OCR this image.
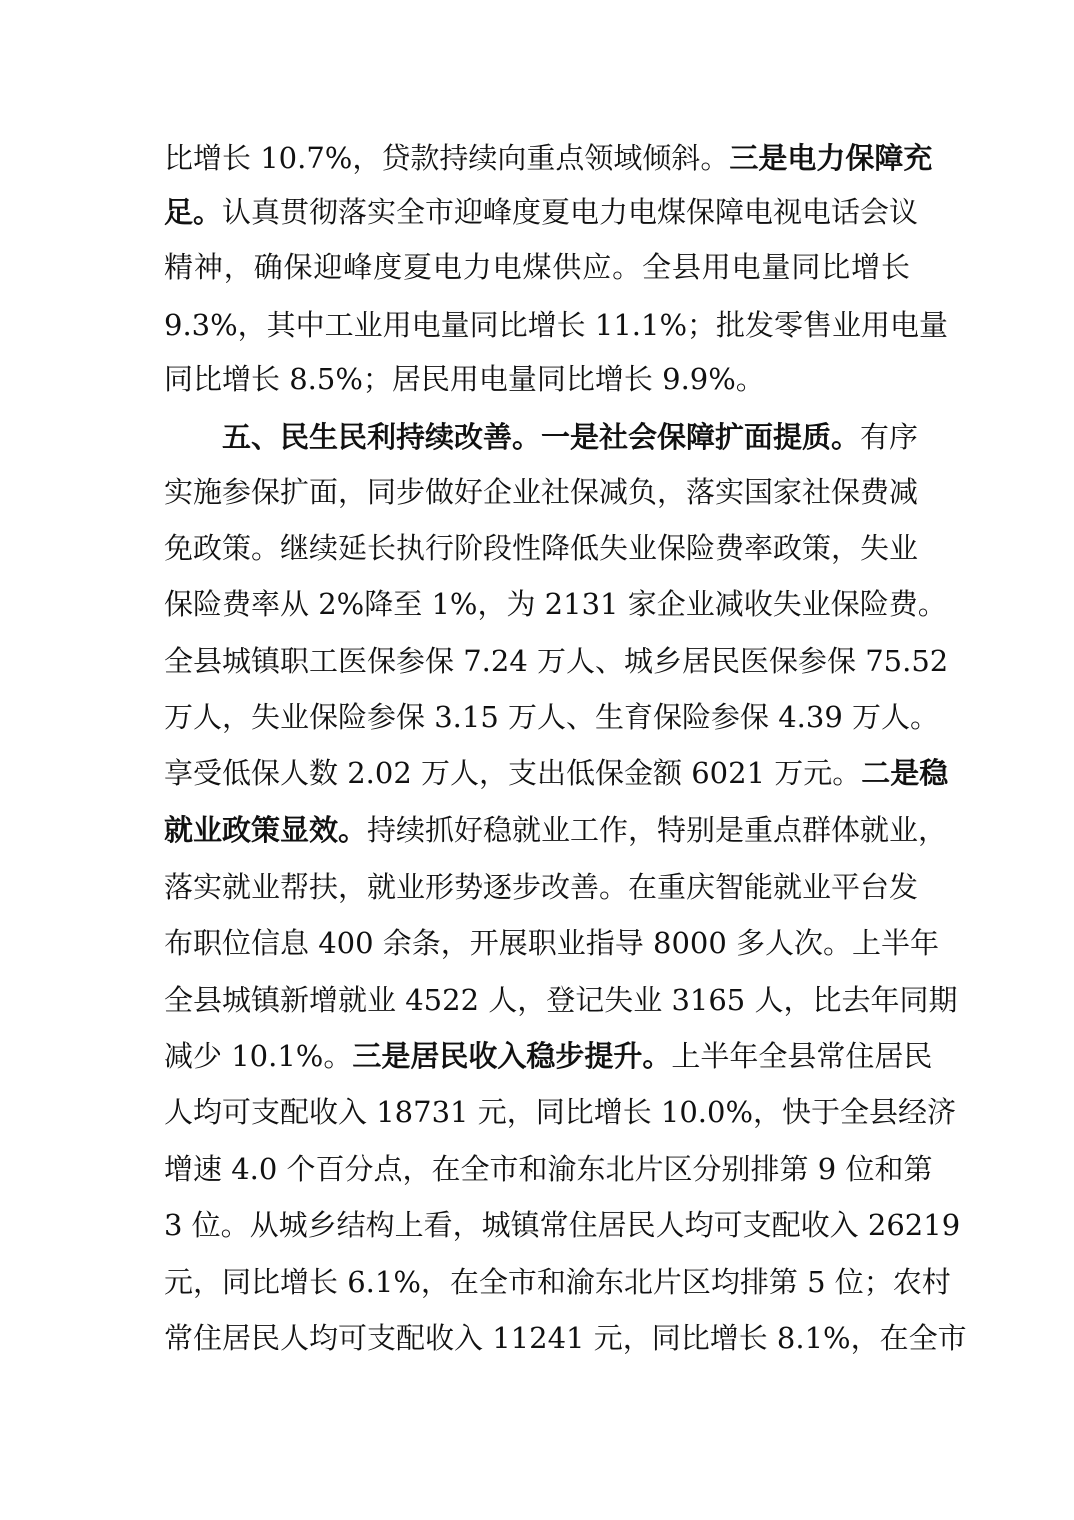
比增长 10.7%，贷款持续向重点领域倾斜。三是电力保障充
足。认真贯彻落实全市迎峰度夏电力电煤保障电视电话会议
精神，确保迎峰度夏电力电煤供应。全县用电量同比增长
9.3%，其中工业用电量同比增长 11.1%；批发零售业用电量
同比增长 8.5%；居民用电量同比增长 9.9%。
五、民生民利持续改善。一是社会保障扩面提质。有序
实施参保扩面，同步做好企业社保减负，落实国家社保费减
免政策。继续延长执行阶段性降低失业保险费率政策，失业
保险费率从 2%降至 1%，为 2131 家企业减收失业保险费。
全县城镇职工医保参保 7.24 万人、城乡居民医保参保 75.52
万人，失业保险参保 3.15 万人、生育保险参保 4.39 万人。
享受低保人数 2.02 万人，支出低保金额 6021 万元。二是稳
就业政策显效。持续抓好稳就业工作，特别是重点群体就业，
落实就业帮扶，就业形势逐步改善。在重庆智能就业平台发
布职位信息 400 余条，开展职业指导 8000 多人次。上半年
全县城镇新增就业 4522 人，登记失业 3165 人，比去年同期
减少 10.1%。三是居民收入稳步提升。上半年全县常住居民
人均可支配收入 18731 元，同比增长 10.0%，快于全县经济
增速 4.0 个百分点，在全市和渝东北片区分别排第 9 位和第
3 位。从城乡结构上看，城镇常住居民人均可支配收入 26219
元，同比增长 6.1%，在全市和渝东北片区均排第 5 位；农村
常住居民人均可支配收入 11241 元，同比增长 8.1%，在全市
